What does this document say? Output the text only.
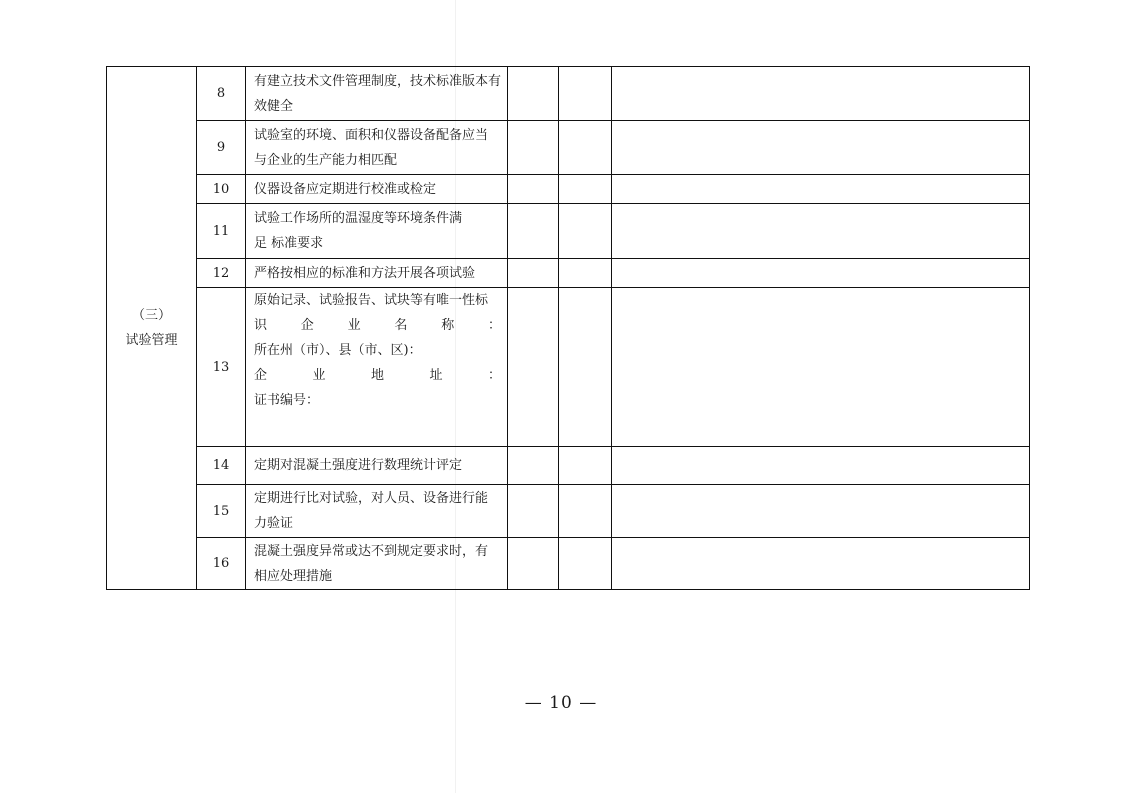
（三）
试验管理	8	有建立技术文件管理制度，技术标准版本有
效健全			

	9	试验室的环境、面积和仪器设备配备应当
与企业的生产能力相匹配			

	10	仪器设备应定期进行校准或检定			

	11	试验工作场所的温湿度等环境条件满
足 标准要求			

	12	严格按相应的标准和方法开展各项试验			

	13	原始记录、试验报告、试块等有唯一性标
识 企 业 名 称 ：
所在州（市）、县（市、区)：
企 业 地 址 ：
证书编号：			

	14	定期对混凝土强度进行数理统计评定			

	15	定期进行比对试验，对人员、设备进行能
力验证			

	16	混凝土强度异常或达不到规定要求时，有
相应处理措施			

— 10 —
